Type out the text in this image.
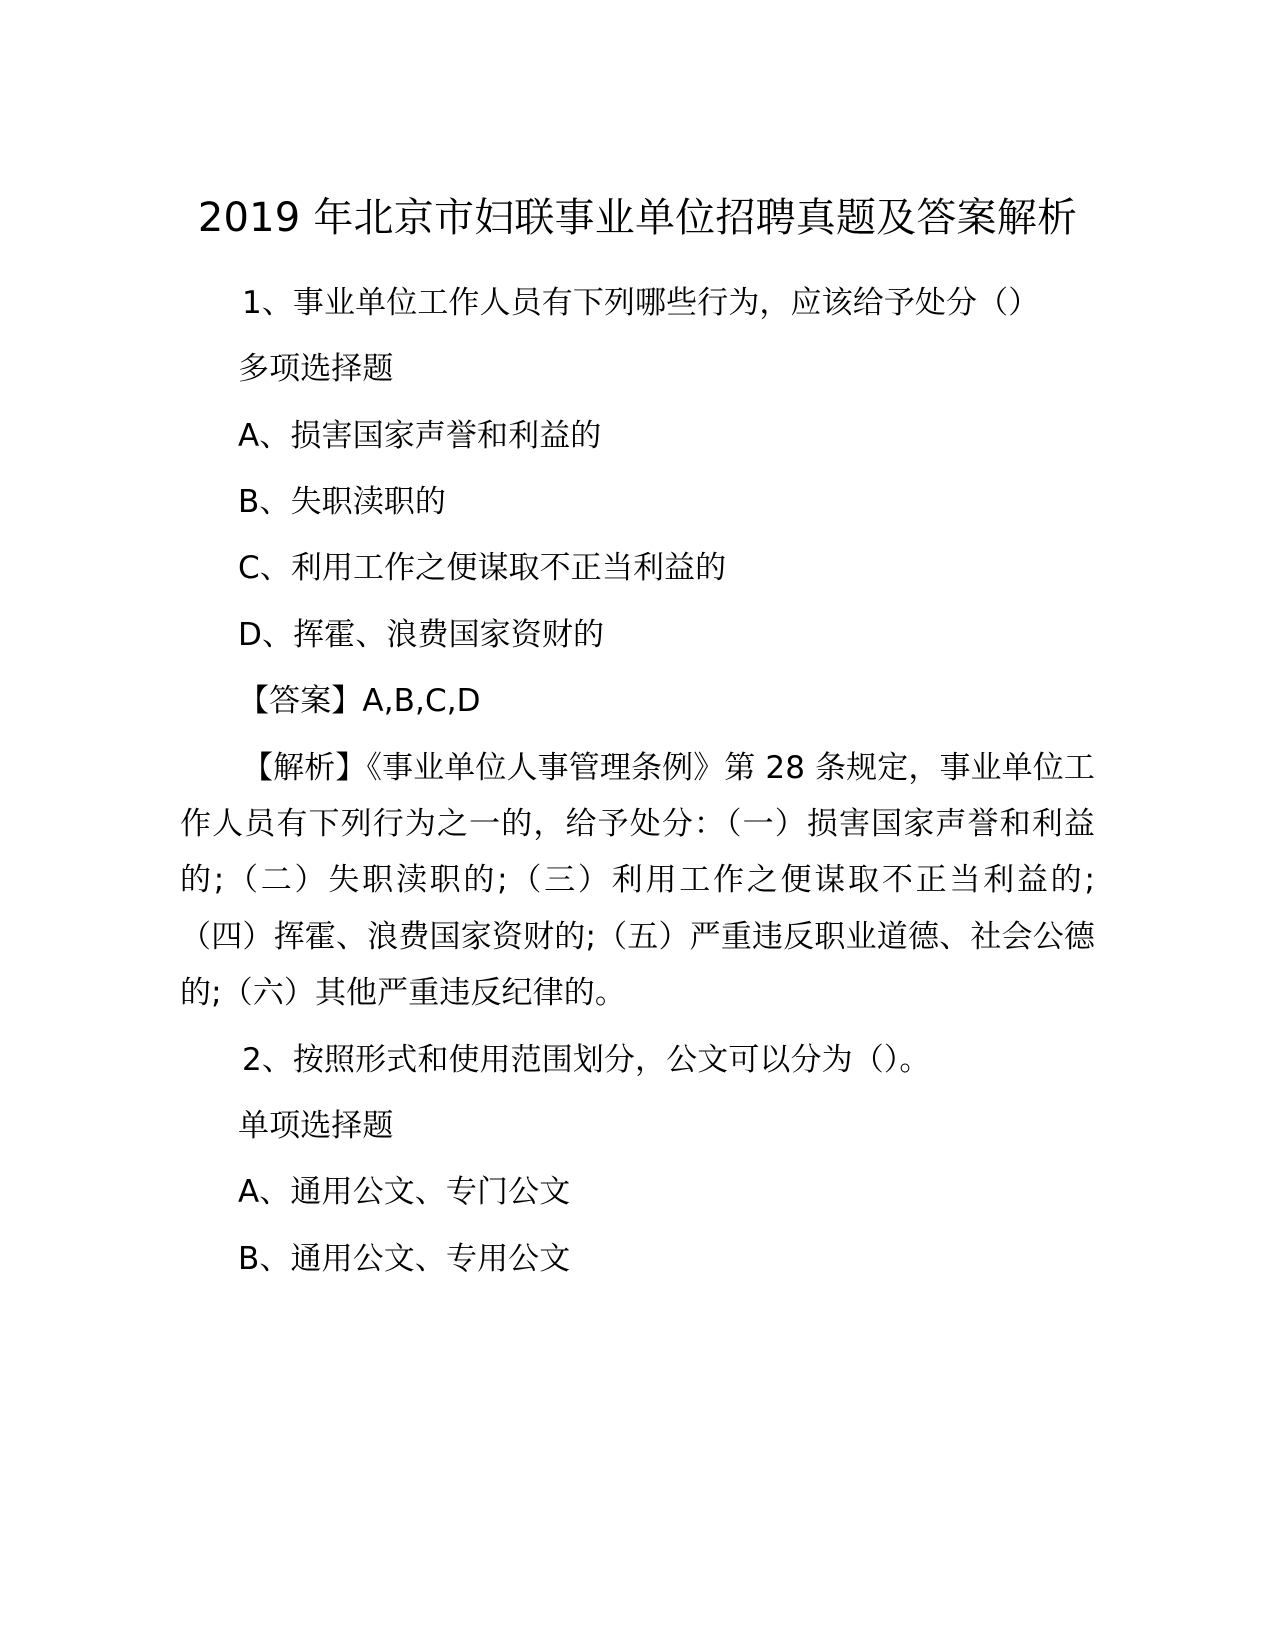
2019 年北京市妇联事业单位招聘真题及答案解析

1、事业单位工作人员有下列哪些行为，应该给予处分（）

多项选择题

A、损害国家声誉和利益的

B、失职渎职的

C、利用工作之便谋取不正当利益的

D、挥霍、浪费国家资财的

【答案】A,B,C,D

【解析】《事业单位人事管理条例》第 28 条规定，事业单位工作人员有下列行为之一的，给予处分：（一）损害国家声誉和利益的;（二）失职渎职的;（三）利用工作之便谋取不正当利益的;（四）挥霍、浪费国家资财的;（五）严重违反职业道德、社会公德的;（六）其他严重违反纪律的。

2、按照形式和使用范围划分，公文可以分为（）。

单项选择题

A、通用公文、专门公文

B、通用公文、专用公文
